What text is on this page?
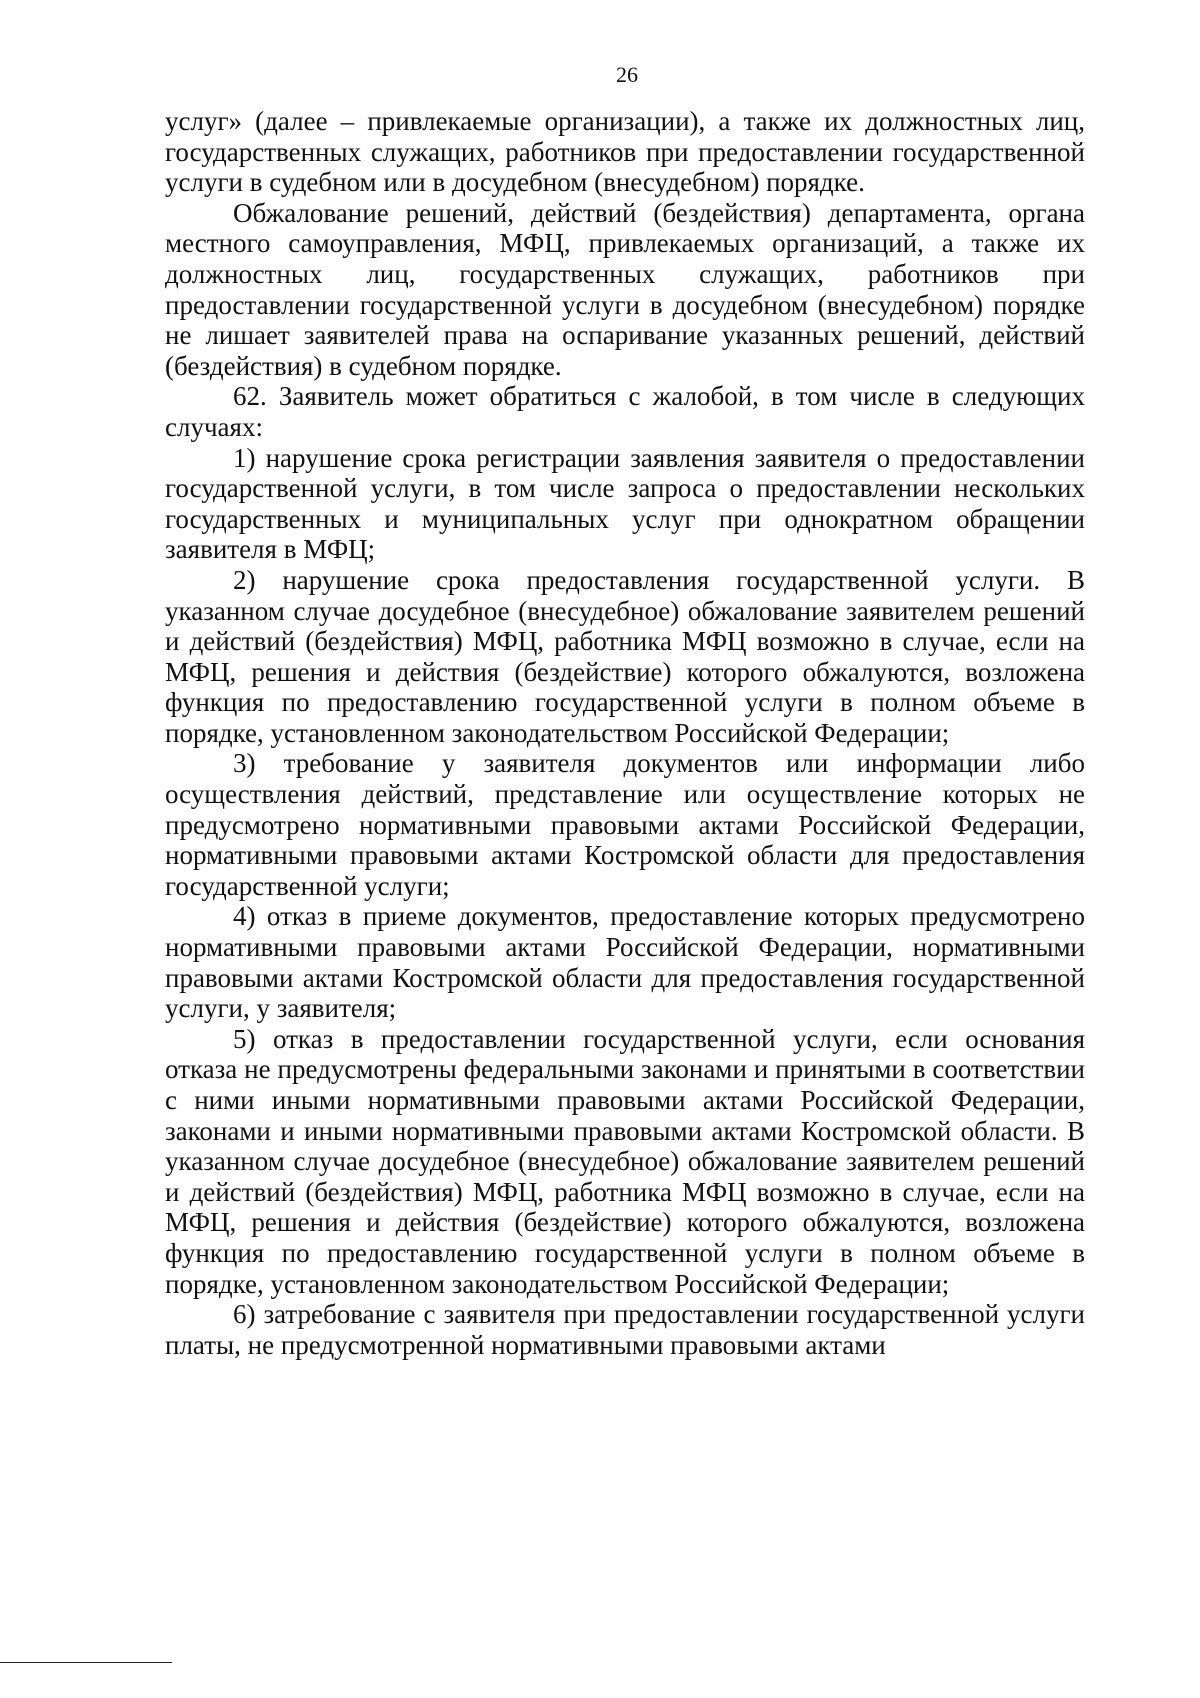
26

услуг» (далее – привлекаемые организации), а также их должностных лиц, государственных служащих, работников при предоставлении государственной услуги в судебном или в досудебном (внесудебном) порядке.

Обжалование решений, действий (бездействия) департамента, органа местного самоуправления, МФЦ, привлекаемых организаций, а также их должностных лиц, государственных служащих, работников при предоставлении государственной услуги в досудебном (внесудебном) порядке не лишает заявителей права на оспаривание указанных решений, действий (бездействия) в судебном порядке.

62. Заявитель может обратиться с жалобой, в том числе в следующих случаях:

1) нарушение срока регистрации заявления заявителя о предоставлении государственной услуги, в том числе запроса о предоставлении нескольких государственных и муниципальных услуг при однократном обращении заявителя в МФЦ;

2) нарушение срока предоставления государственной услуги. В указанном случае досудебное (внесудебное) обжалование заявителем решений и действий (бездействия) МФЦ, работника МФЦ возможно в случае, если на МФЦ, решения и действия (бездействие) которого обжалуются, возложена функция по предоставлению государственной услуги в полном объеме в порядке, установленном законодательством Российской Федерации;

3) требование у заявителя документов или информации либо осуществления действий, представление или осуществление которых не предусмотрено нормативными правовыми актами Российской Федерации, нормативными правовыми актами Костромской области для предоставления государственной услуги;

4) отказ в приеме документов, предоставление которых предусмотрено нормативными правовыми актами Российской Федерации, нормативными правовыми актами Костромской области для предоставления государственной услуги, у заявителя;

5) отказ в предоставлении государственной услуги, если основания отказа не предусмотрены федеральными законами и принятыми в соответствии с ними иными нормативными правовыми актами Российской Федерации, законами и иными нормативными правовыми актами Костромской области. В указанном случае досудебное (внесудебное) обжалование заявителем решений и действий (бездействия) МФЦ, работника МФЦ возможно в случае, если на МФЦ, решения и действия (бездействие) которого обжалуются, возложена функция по предоставлению государственной услуги в полном объеме в порядке, установленном законодательством Российской Федерации;

6) затребование с заявителя при предоставлении государственной услуги платы, не предусмотренной нормативными правовыми актами
